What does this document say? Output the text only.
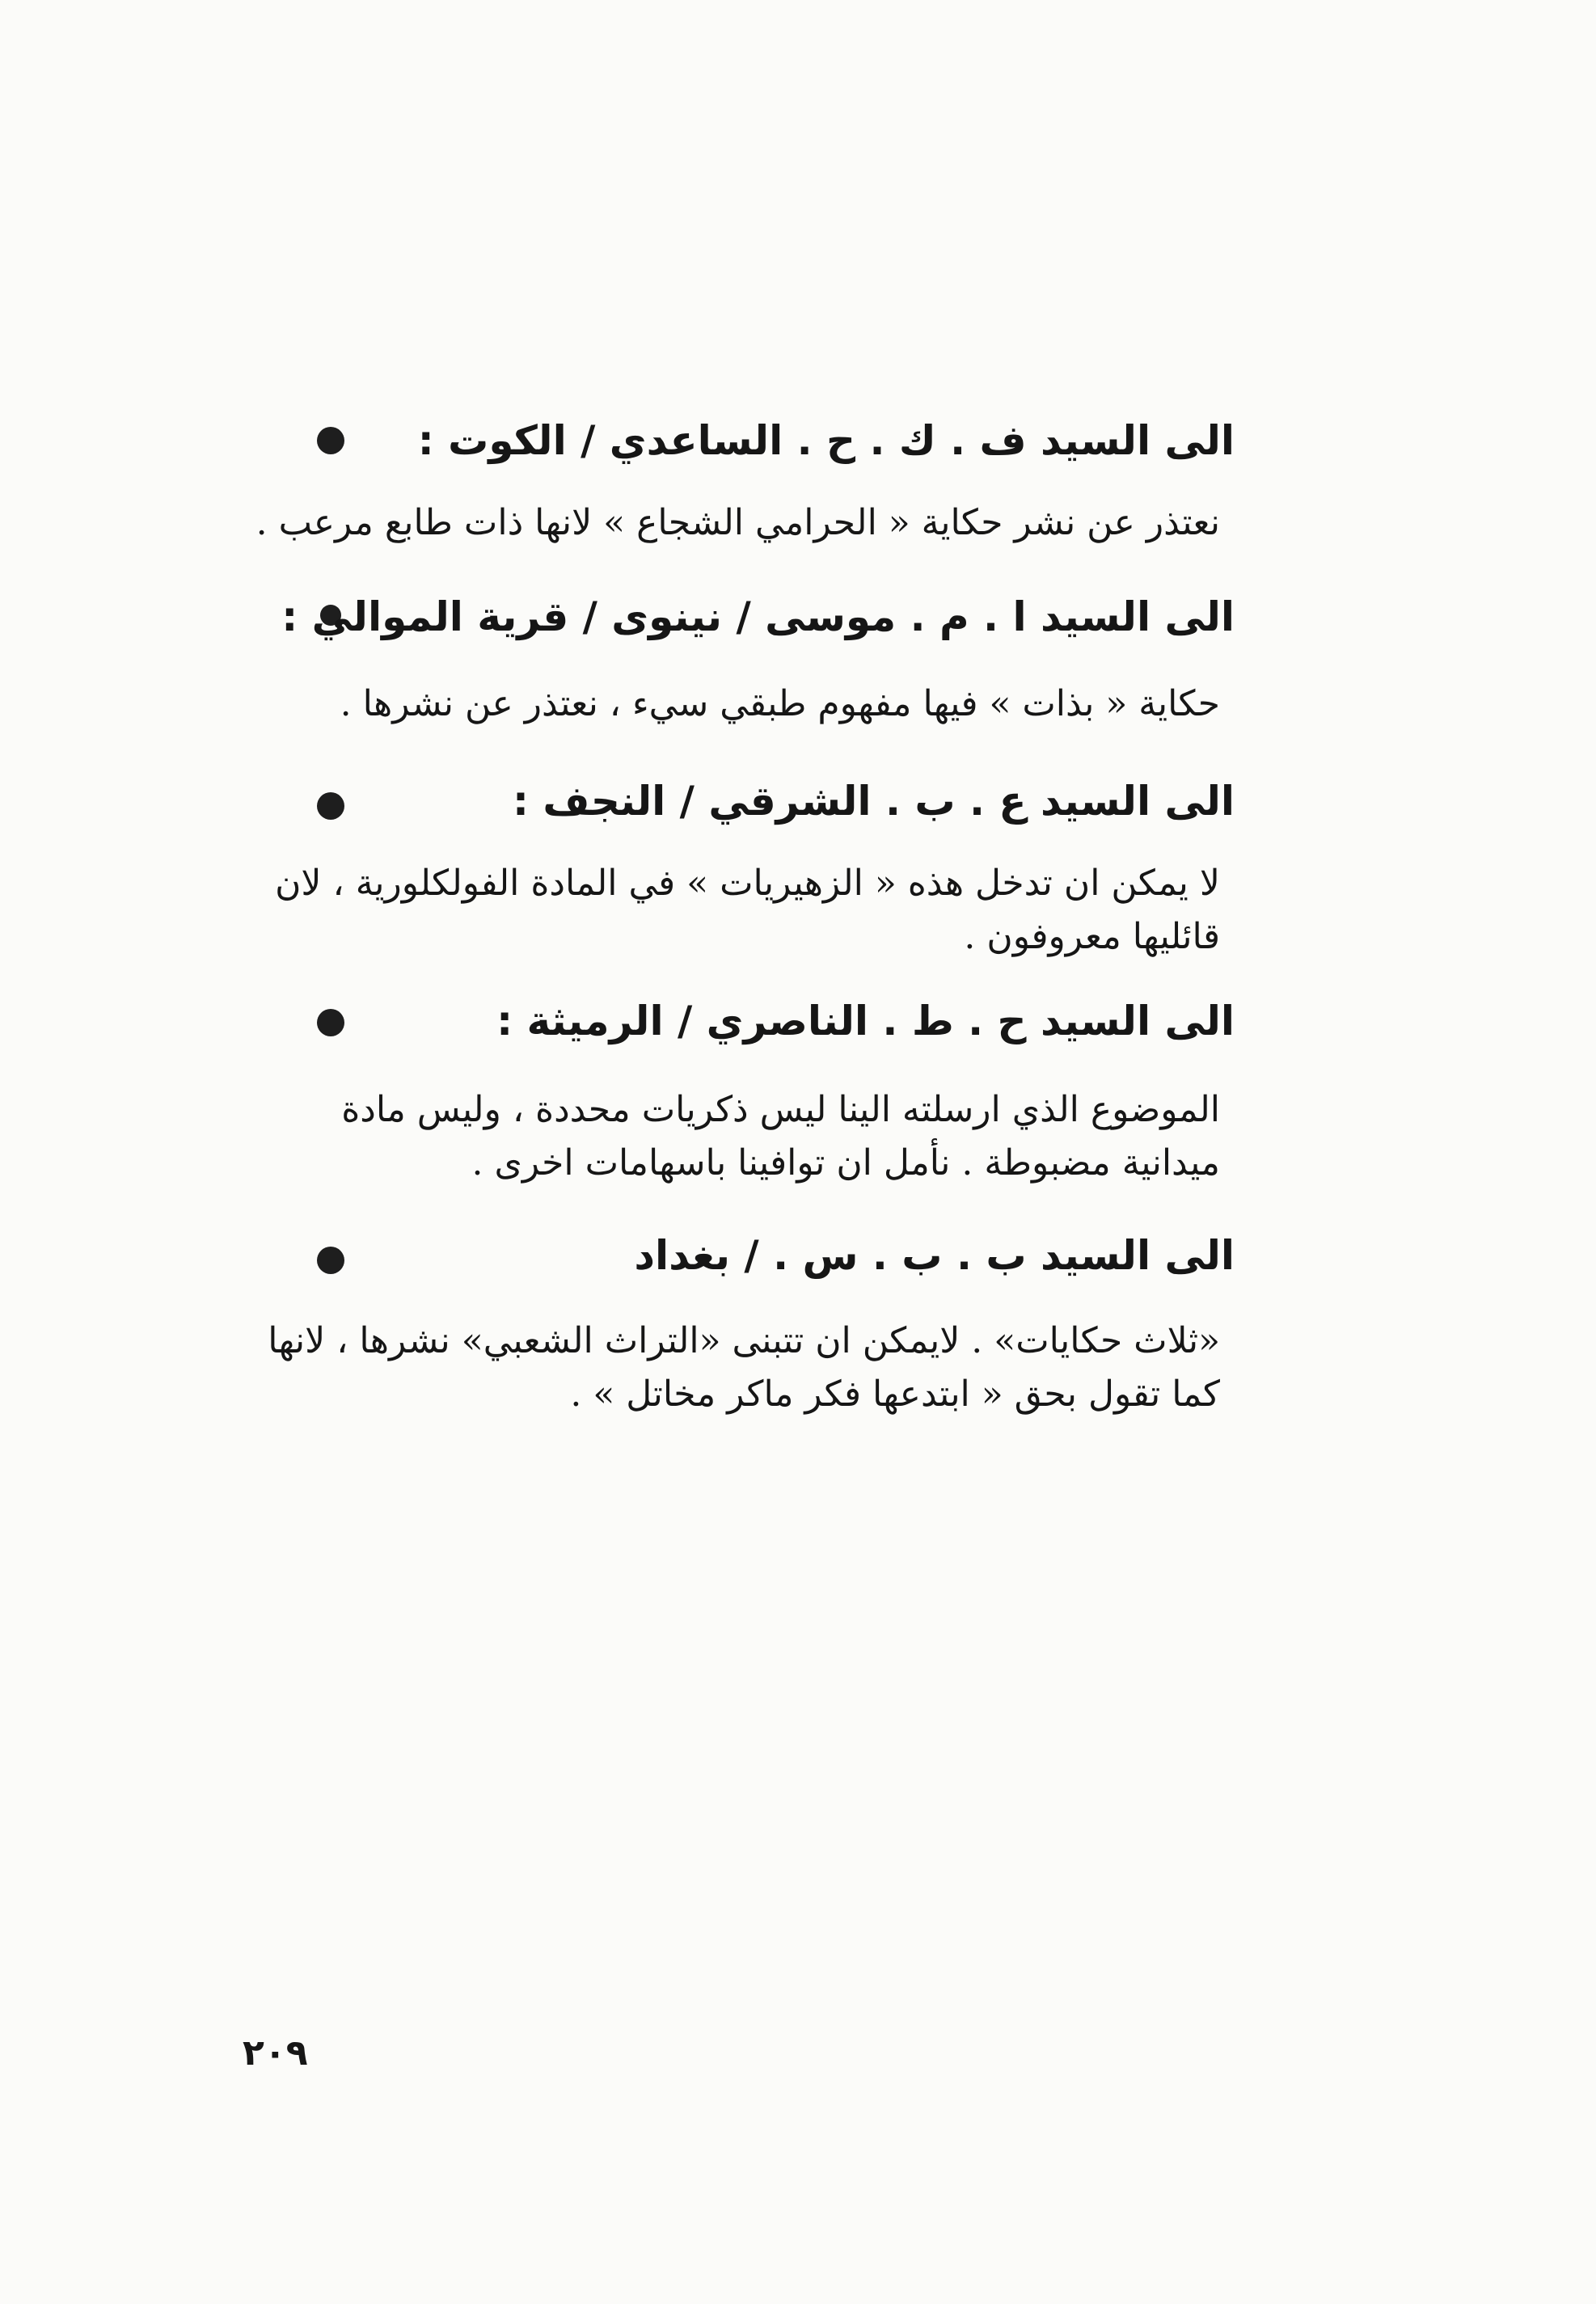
الى السيد ف . ك . ح . الساعدي / الكوت :
نعتذر عن نشر حكاية « الحرامي الشجاع » لانها ذات طابع مرعب .
الى السيد ا . م . موسى / نينوى / قرية الموالي :
حكاية « بذات » فيها مفهوم طبقي سيء ، نعتذر عن نشرها .
الى السيد ع . ب . الشرقي / النجف :
لا يمكن ان تدخل هذه « الزهيريات » في المادة الفولكلورية ، لان قائليها معروفون .
الى السيد ح . ط . الناصري / الرميثة :
الموضوع الذي ارسلته الينا ليس ذكريات محددة ، وليس مادة ميدانية مضبوطة . نأمل ان توافينا باسهامات اخرى .
الى السيد ب . ب . س . / بغداد
«ثلاث حكايات» . لايمكن ان تتبنى «التراث الشعبي» نشرها ، لانها كما تقول بحق « ابتدعها فكر ماكر مخاتل » .
٢٠٩
